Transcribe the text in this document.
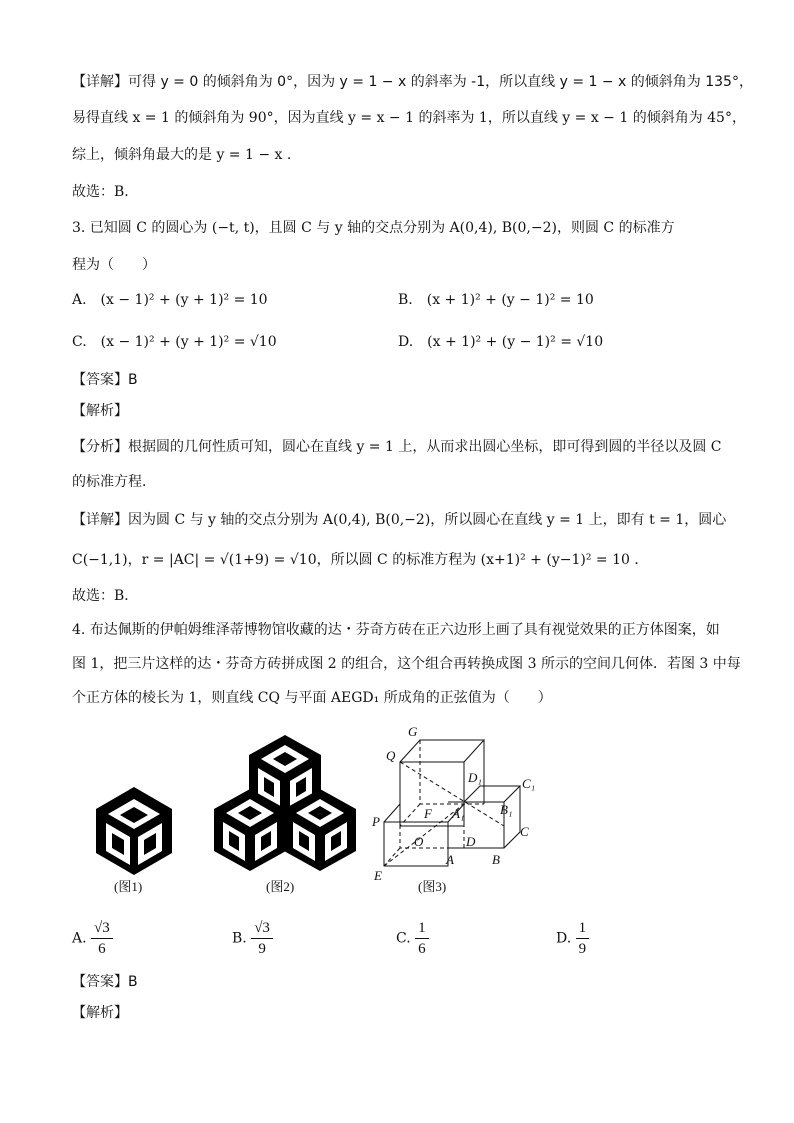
【详解】可得 y = 0 的倾斜角为 0°，因为 y = 1 − x 的斜率为 -1，所以直线 y = 1 − x 的倾斜角为 135°，
易得直线 x = 1 的倾斜角为 90°，因为直线 y = x − 1 的斜率为 1，所以直线 y = x − 1 的倾斜角为 45°，
综上，倾斜角最大的是 y = 1 − x .
故选：B.
3. 已知圆 C 的圆心为 (−t, t)，且圆 C 与 y 轴的交点分别为 A(0,4), B(0,−2)，则圆 C 的标准方
程为（　　）
A.　(x − 1)² + (y + 1)² = 10	B.　(x + 1)² + (y − 1)² = 10
C.　(x − 1)² + (y + 1)² = √10	D.　(x + 1)² + (y − 1)² = √10
【答案】B
【解析】
【分析】根据圆的几何性质可知，圆心在直线 y = 1 上，从而求出圆心坐标，即可得到圆的半径以及圆 C
的标准方程．
【详解】因为圆 C 与 y 轴的交点分别为 A(0,4), B(0,−2)，所以圆心在直线 y = 1 上，即有 t = 1，圆心
C(−1,1)，r = |AC| = √(1+9) = √10，所以圆 C 的标准方程为 (x+1)² + (y−1)² = 10 ．
故选：B．
4. 布达佩斯的伊帕姆维泽蒂博物馆收藏的达・芬奇方砖在正六边形上画了具有视觉效果的正方体图案，如
图 1，把三片这样的达・芬奇方砖拼成图 2 的组合，这个组合再转换成图 3 所示的空间几何体．若图 3 中每
个正方体的棱长为 1，则直线 CQ 与平面 AEGD₁ 所成角的正弦值为（　　）
(图1)	(图2)
G
Q
D₁	C₁
P
F A₁	B₁
C
O	D
A	B
E
(图3)
A. $\frac{√3}{6}$	B. $\frac{√3}{9}$	C. $\frac{1}{6}$	D. $\frac{1}{9}$
【答案】B
【解析】
